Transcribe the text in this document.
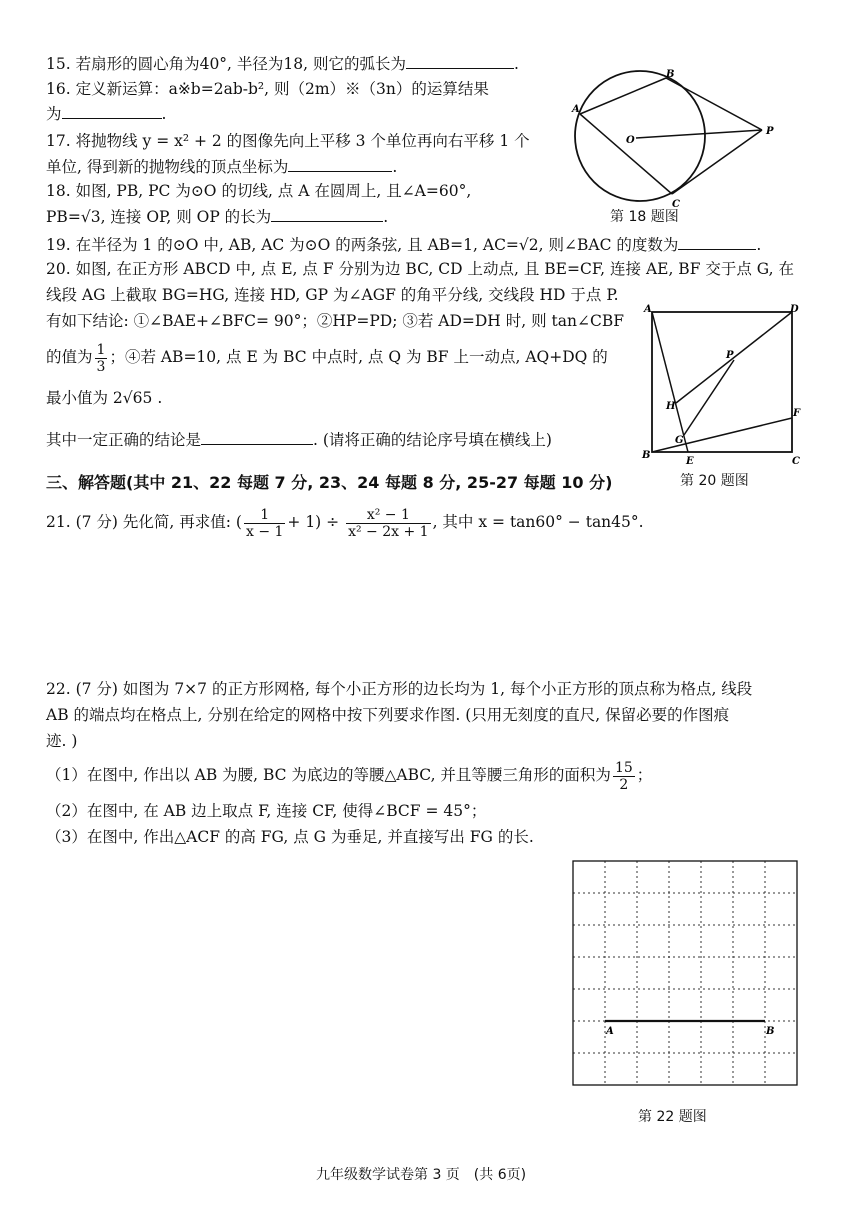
15. 若扇形的圆心角为40°, 半径为18, 则它的弧长为	.
16. 定义新运算：a※b=2ab-b², 则（2m）※（3n）的运算结果
为	.
17. 将抛物线 y = x² + 2 的图像先向上平移 3 个单位再向右平移 1 个
单位, 得到新的抛物线的顶点坐标为	.
18. 如图, PB, PC 为⊙O 的切线, 点 A 在圆周上, 且∠A=60°,
PB=√3, 连接 OP, 则 OP 的长为	.
A
B
C
O
P
第 18 题图
19. 在半径为 1 的⊙O 中, AB, AC 为⊙O 的两条弦, 且 AB=1, AC=√2, 则∠BAC 的度数为	.
20. 如图, 在正方形 ABCD 中, 点 E, 点 F 分别为边 BC, CD 上动点, 且 BE=CF, 连接 AE, BF 交于点 G, 在
线段 AG 上截取 BG=HG, 连接 HD, GP 为∠AGF 的角平分线, 交线段 HD 于点 P.
有如下结论: ①∠BAE+∠BFC= 90°；②HP=PD; ③若 AD=DH 时, 则 tan∠CBF
的值为 $\frac{1}{3}$ ；④若 AB=10, 点 E 为 BC 中点时, 点 Q 为 BF 上一动点, AQ+DQ 的
最小值为 2√65 .
其中一定正确的结论是	. (请将正确的结论序号填在横线上)
A	D
B
C
E
F
G
H
P
第 20 题图
三、解答题(其中 21、22 每题 7 分, 23、24 每题 8 分, 25-27 每题 10 分)
21. (7 分) 先化简, 再求值: ( $\frac{1}{x - 1} + 1) \div \frac{\text{x² − 1}}{\text{x² − 2x + 1}}$ , 其中 x = tan60° − tan45°.
22. (7 分) 如图为 7×7 的正方形网格, 每个小正方形的边长均为 1, 每个小正方形的顶点称为格点, 线段
AB 的端点均在格点上, 分别在给定的网格中按下列要求作图. (只用无刻度的直尺, 保留必要的作图痕
迹. )
（1）在图中, 作出以 AB 为腰, BC 为底边的等腰△ABC, 并且等腰三角形的面积为 $\frac{15}{2}$ ；
（2）在图中, 在 AB 边上取点 F, 连接 CF, 使得∠BCF = 45°；
（3）在图中, 作出△ACF 的高 FG, 点 G 为垂足, 并直接写出 FG 的长.
A	B
第 22 题图
九年级数学试卷第 3 页　(共 6页)
